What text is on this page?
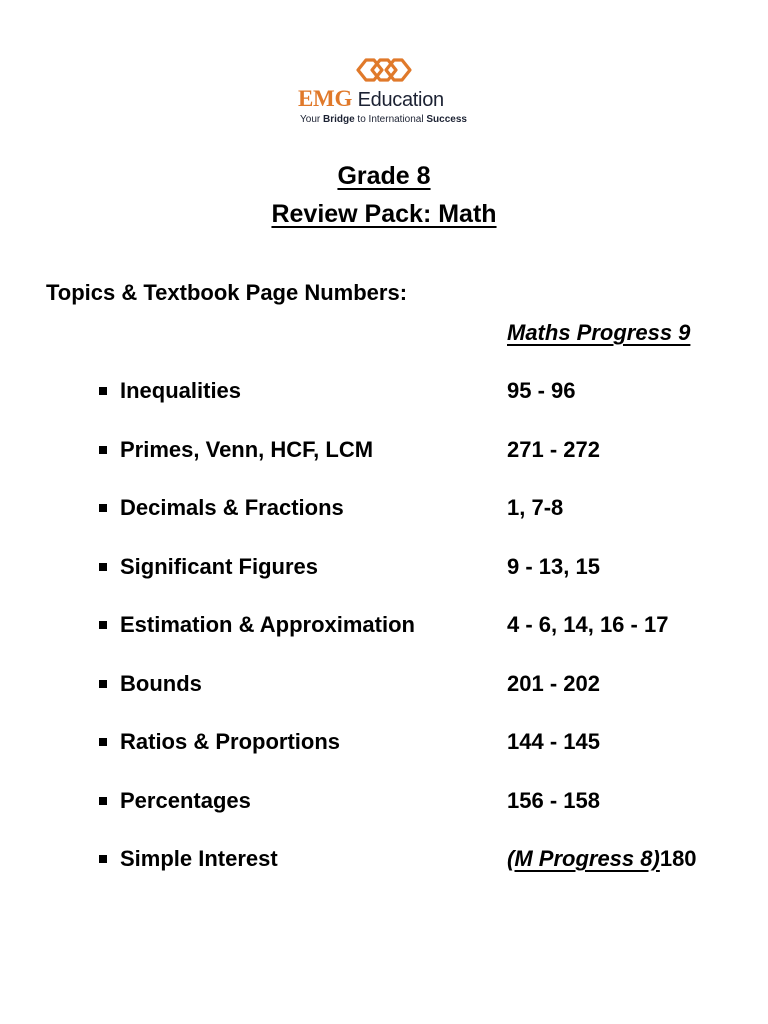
EMG Education
Your Bridge to International Success
Grade 8
Review Pack: Math
Topics & Textbook Page Numbers:
Maths Progress 9
Inequalities	95 - 96
Primes, Venn, HCF, LCM	271 - 272
Decimals & Fractions	1, 7-8
Significant Figures	9 - 13, 15
Estimation & Approximation	4 - 6, 14, 16 - 17
Bounds	201 - 202
Ratios & Proportions	144 - 145
Percentages	156 - 158
Simple Interest	(M Progress 8)180
